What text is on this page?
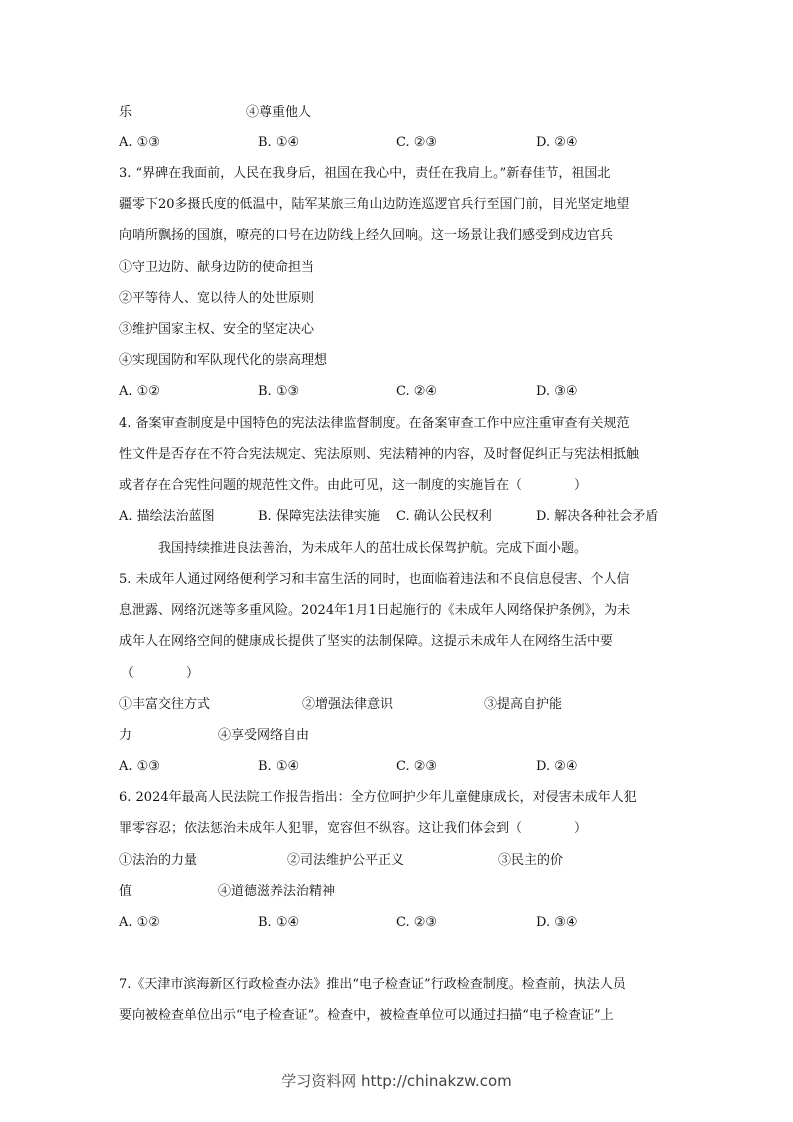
乐	④尊重他人
A. ①③	B. ①④	C. ②③	D. ②④
3. “界碑在我面前，人民在我身后，祖国在我心中，责任在我肩上。”新春佳节，祖国北
疆零下20多摄氏度的低温中，陆军某旅三角山边防连巡逻官兵行至国门前，目光坚定地望
向哨所飘扬的国旗，嘹亮的口号在边防线上经久回响。这一场景让我们感受到戍边官兵
①守卫边防、献身边防的使命担当
②平等待人、宽以待人的处世原则
③维护国家主权、安全的坚定决心
④实现国防和军队现代化的崇高理想
A. ①②	B. ①③	C. ②④	D. ③④
4. 备案审查制度是中国特色的宪法法律监督制度。在备案审查工作中应注重审查有关规范
性文件是否存在不符合宪法规定、宪法原则、宪法精神的内容，及时督促纠正与宪法相抵触
或者存在合宪性问题的规范性文件。由此可见，这一制度的实施旨在（　　　　）
A. 描绘法治蓝图	B. 保障宪法法律实施 C. 确认公民权利	D. 解决各种社会矛盾
我国持续推进良法善治，为未成年人的茁壮成长保驾护航。完成下面小题。
5. 未成年人通过网络便利学习和丰富生活的同时，也面临着违法和不良信息侵害、个人信
息泄露、网络沉迷等多重风险。2024年1月1日起施行的《未成年人网络保护条例》，为未
成年人在网络空间的健康成长提供了坚实的法制保障。这提示未成年人在网络生活中要
（　　　　）
①丰富交往方式	②增强法律意识	③提高自护能
力	④享受网络自由
A. ①③	B. ①④	C. ②③	D. ②④
6. 2024年最高人民法院工作报告指出：全方位呵护少年儿童健康成长，对侵害未成年人犯
罪零容忍；依法惩治未成年人犯罪，宽容但不纵容。这让我们体会到（　　　　）
①法治的力量	②司法维护公平正义	③民主的价
值	④道德滋养法治精神
A. ①②	B. ①④	C. ②③	D. ③④
7.《天津市滨海新区行政检查办法》推出“电子检查证”行政检查制度。检查前，执法人员
要向被检查单位出示“电子检查证”。检查中，被检查单位可以通过扫描“电子检查证”上
学习资料网 http://chinakzw.com
